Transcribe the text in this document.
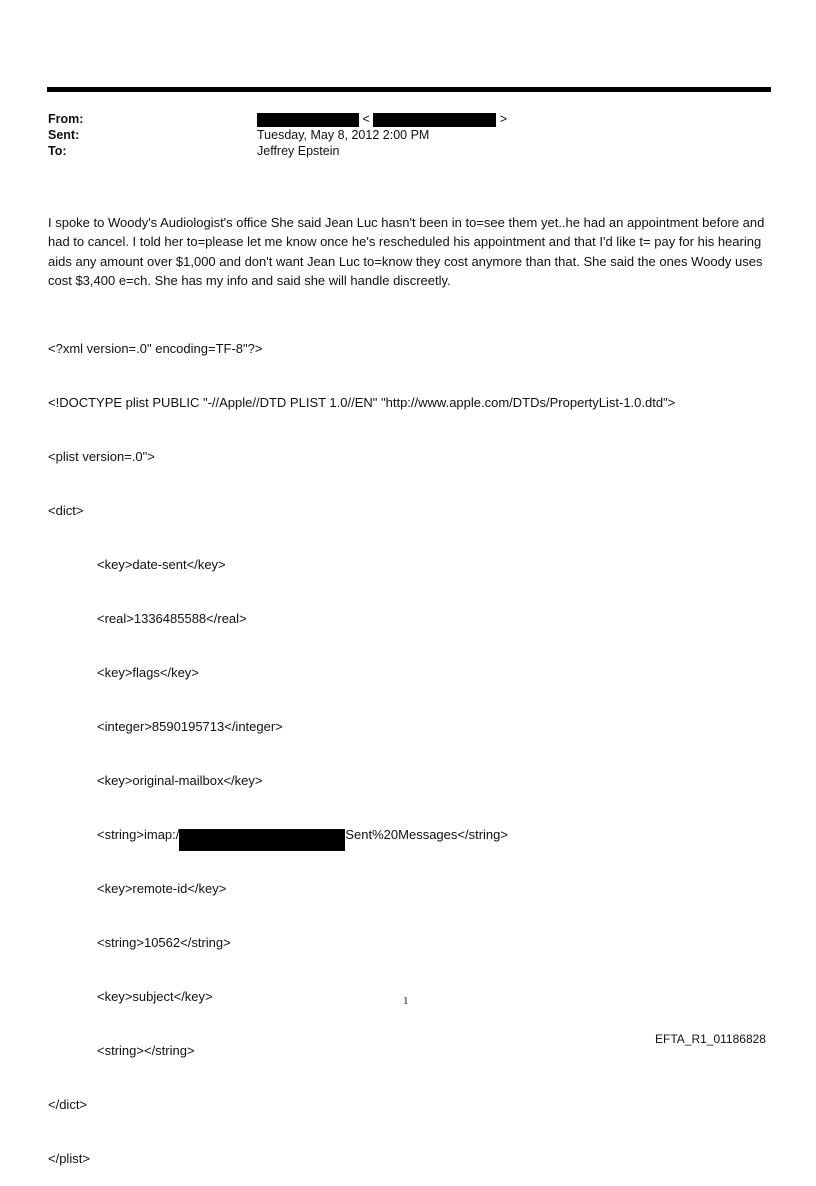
From:	<	>
Sent:	Tuesday, May 8, 2012 2:00 PM
To:	Jeffrey Epstein
I spoke to Woody's Audiologist's office She said Jean Luc hasn't been in to=see them yet..he had an appointment before and had to cancel. I told her to=please let me know once he's rescheduled his appointment and that I'd like t= pay for his hearing aids any amount over $1,000 and don't want Jean Luc to=know they cost anymore than that. She said the ones Woody uses cost $3,400 e=ch. She has my info and said she will handle discreetly.

<?xml version=.0" encoding=TF-8"?>

<!DOCTYPE plist PUBLIC "-//Apple//DTD PLIST 1.0//EN" "http://www.apple.com/DTDs/PropertyList-1.0.dtd">

<plist version=.0">

<dict>

<key>date-sent</key>

<real>1336485588</real>

<key>flags</key>

<integer>8590195713</integer>

<key>original-mailbox</key>

<string>imap:/	Sent%20Messages</string>

<key>remote-id</key>

<string>10562</string>

<key>subject</key>

<string></string>

</dict>

</plist>

1
EFTA_R1_01186828
